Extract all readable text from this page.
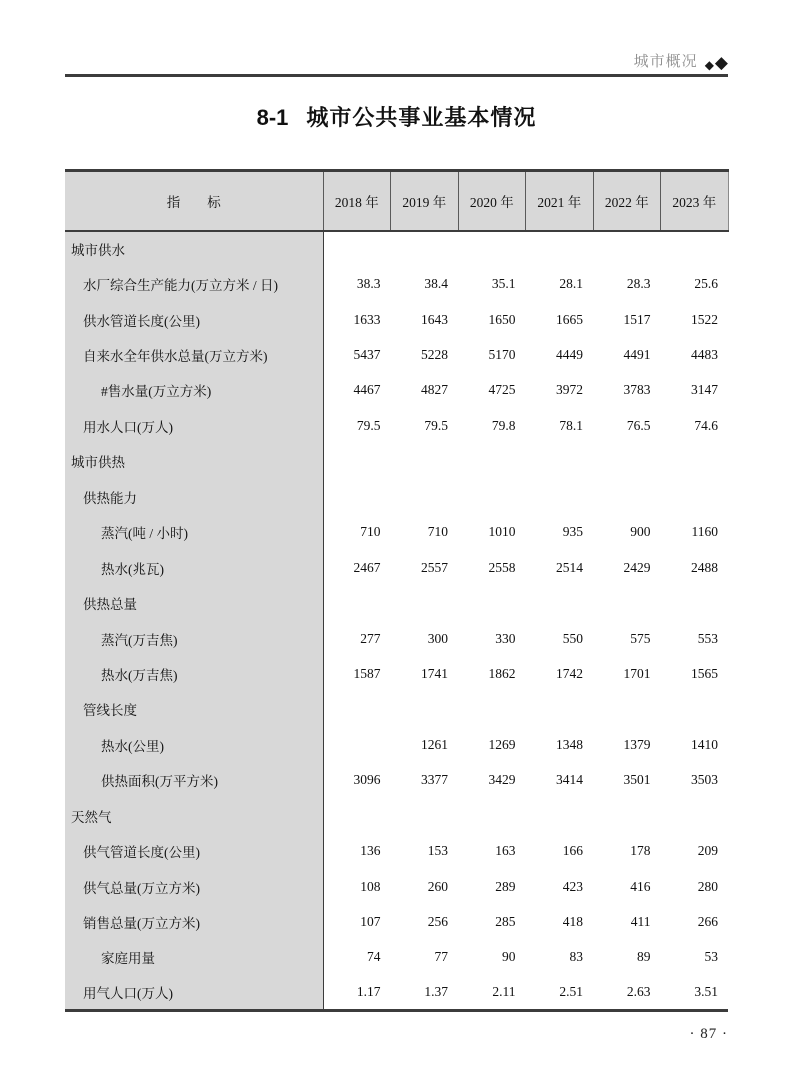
城市概况 ◆ ◆
8-1 城市公共事业基本情况
指　　标	2018 年	2019 年	2020 年	2021 年	2022 年	2023 年
城市供水						
水厂综合生产能力(万立方米 / 日)	38.3	38.4	35.1	28.1	28.3	25.6
供水管道长度(公里)	1633	1643	1650	1665	1517	1522
自来水全年供水总量(万立方米)	5437	5228	5170	4449	4491	4483
#售水量(万立方米)	4467	4827	4725	3972	3783	3147
用水人口(万人)	79.5	79.5	79.8	78.1	76.5	74.6
城市供热						
供热能力						
蒸汽(吨 / 小时)	710	710	1010	935	900	1160
热水(兆瓦)	2467	2557	2558	2514	2429	2488
供热总量						
蒸汽(万吉焦)	277	300	330	550	575	553
热水(万吉焦)	1587	1741	1862	1742	1701	1565
管线长度						
热水(公里)		1261	1269	1348	1379	1410
供热面积(万平方米)	3096	3377	3429	3414	3501	3503
天然气						
供气管道长度(公里)	136	153	163	166	178	209
供气总量(万立方米)	108	260	289	423	416	280
销售总量(万立方米)	107	256	285	418	411	266
家庭用量	74	77	90	83	89	53
用气人口(万人)	1.17	1.37	2.11	2.51	2.63	3.51
· 87 ·
